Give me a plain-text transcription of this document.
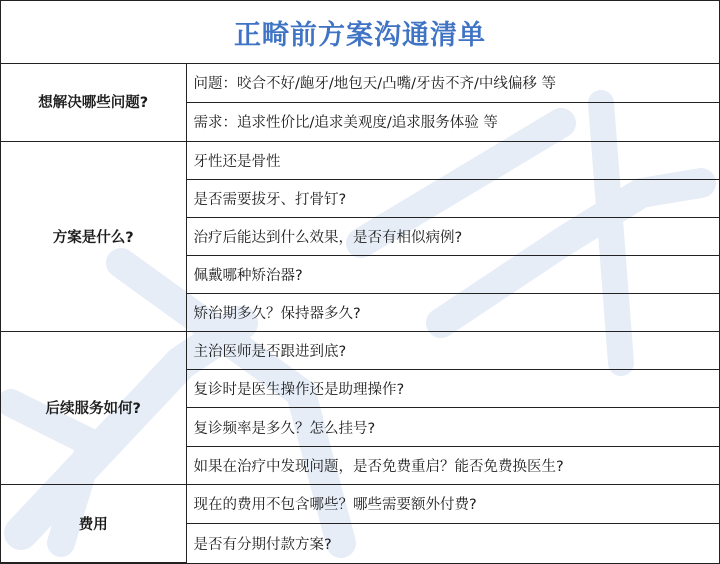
正畸前方案沟通清单
想解决哪些问题?	问题：咬合不好/龅牙/地包天/凸嘴/牙齿不齐/中线偏移 等
	需求：追求性价比/追求美观度/追求服务体验 等
方案是什么?	牙性还是骨性
	是否需要拔牙、打骨钉?
	治疗后能达到什么效果，是否有相似病例?
	佩戴哪种矫治器?
	矫治期多久？保持器多久?
后续服务如何?	主治医师是否跟进到底?
	复诊时是医生操作还是助理操作?
	复诊频率是多久？怎么挂号?
	如果在治疗中发现问题，是否免费重启？能否免费换医生?
费用	现在的费用不包含哪些？哪些需要额外付费?
	是否有分期付款方案?
